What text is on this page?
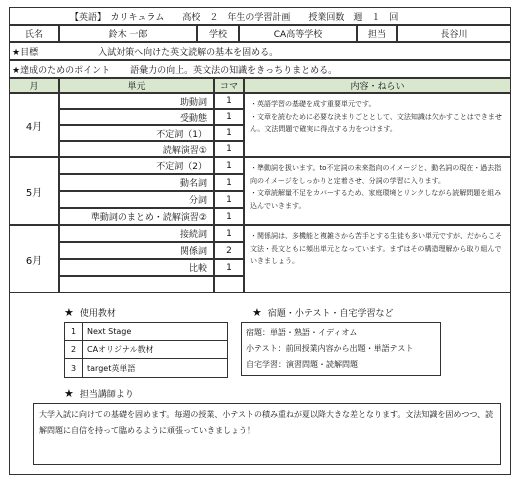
【英語】　カリキュラム　　高校　２　年生の学習計画　　授業回数　週　１　回
氏名	鈴木 一郎	学校	CA高等学校	担当	長谷川
★目標	入試対策へ向けた英文読解の基本を固める。
★達成のためのポイント 語彙力の向上。英文法の知識をきっちりまとめる。
月	単元	コマ	内容・ねらい
4月
助動詞	1
受動態	1
不定詞（1）	1
読解演習①	1
・英語学習の基礎を成す重要単元です。
・文章を読むために必要な決まりごととして、文法知識は欠かすことはできません。文法問題で確実に得点する力をつけます。
5月
不定詞（2）	1
動名詞	1
分詞	1
準動詞のまとめ・読解演習②	1
・準動詞を扱います。to不定詞の未来指向のイメージと、動名詞の現在・過去指向のイメージをしっかりと定着させ、分詞の学習に入ります。
・文章読解量不足をカバーするため、家庭環境とリンクしながら読解問題を組み込んでいきます。
6月
接続詞	1
関係詞	2
比較	1
・関係詞は、多機能と複雑さから苦手とする生徒も多い単元ですが、だからこそ文法・長文ともに頻出単元となっています。まずはその構造理解から取り組んでいきましょう。
★ 使用教材
1	Next Stage
2	CAオリジナル教材
3	target英単語
★ 宿題・小テスト・自宅学習など
宿題：単語・熟語・イディオム
小テスト：前回授業内容から出題・単語テスト
自宅学習：演習問題・読解問題
★ 担当講師より
大学入試に向けての基礎を固めます。毎週の授業、小テストの積み重ねが夏以降大きな差となります。文法知識を固めつつ、読解問題に自信を持って臨めるように頑張っていきましょう！
